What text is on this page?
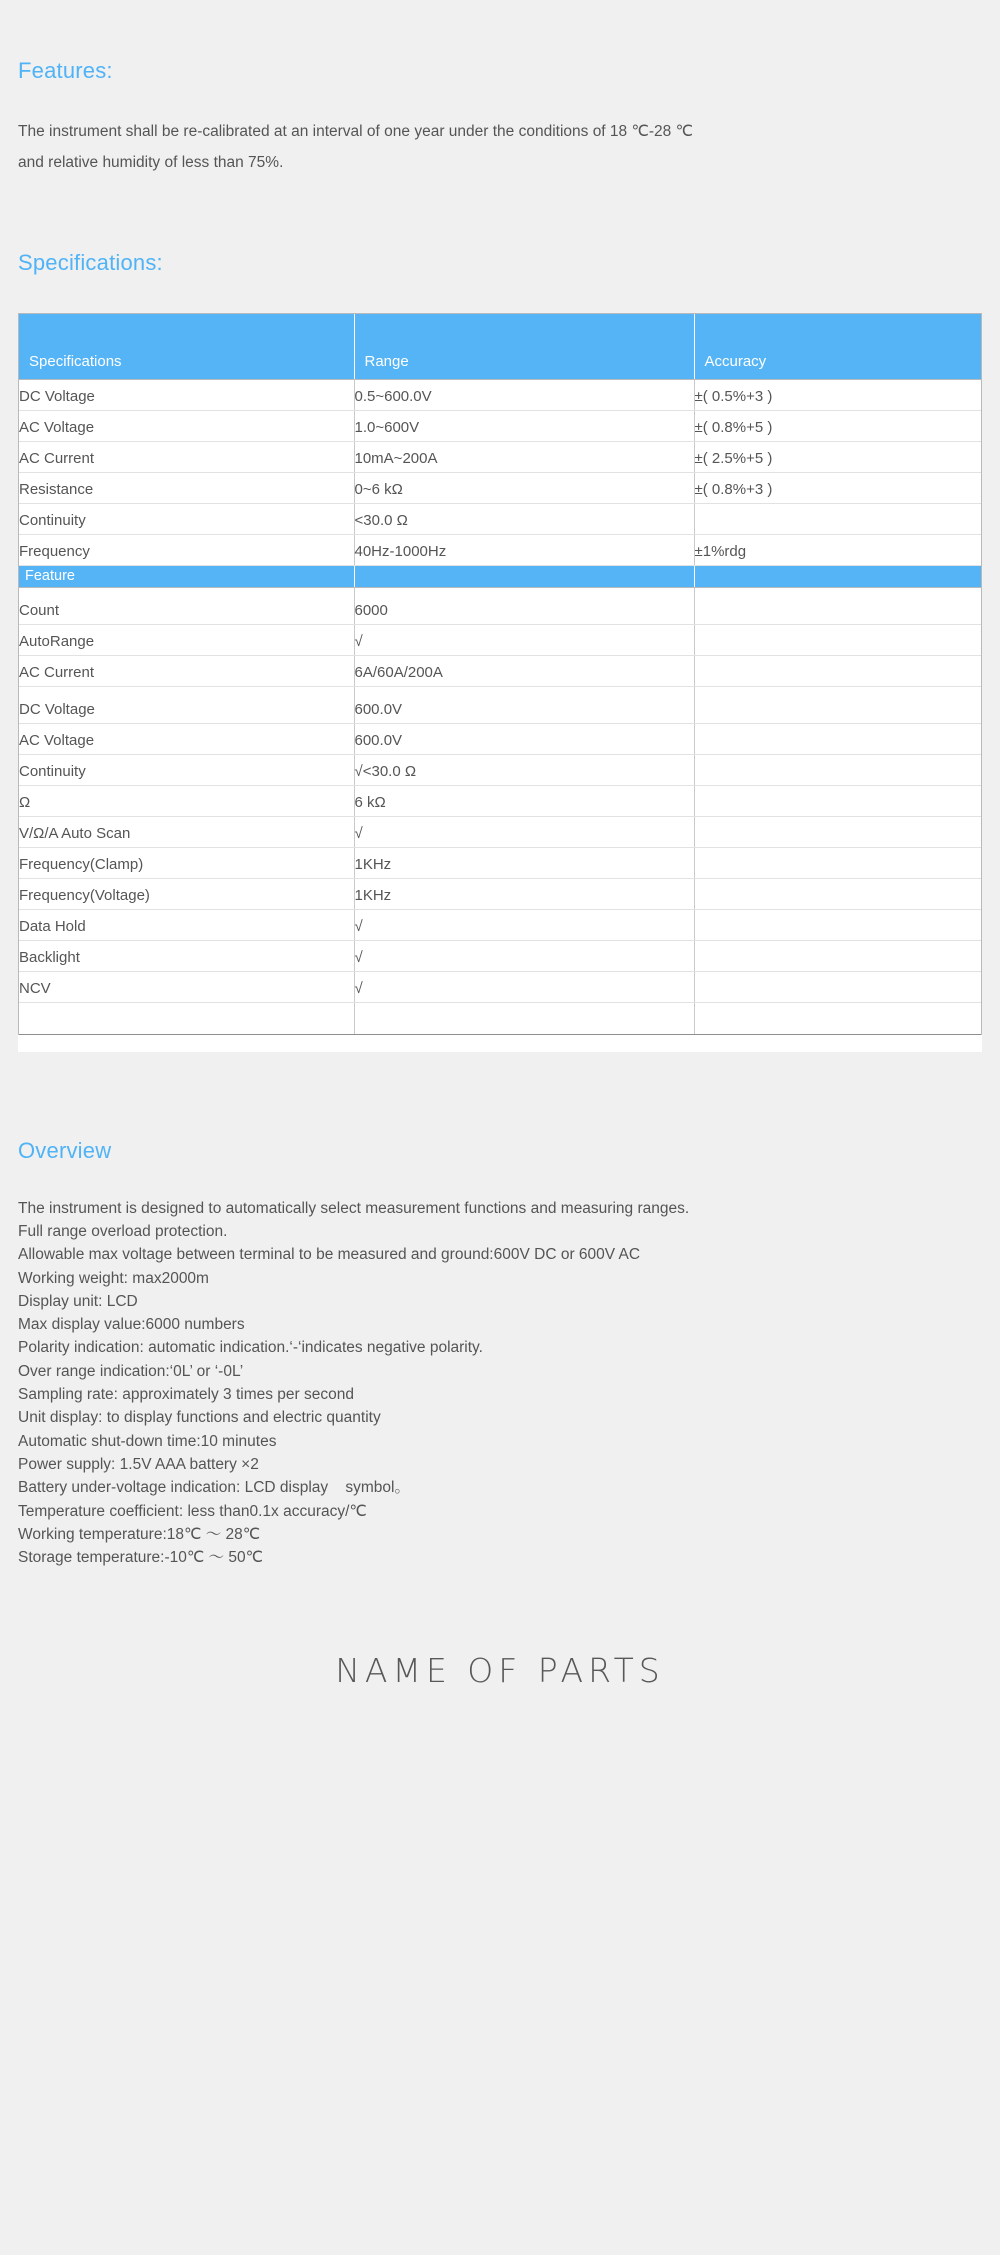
Features:
The instrument shall be re-calibrated at an interval of one year under the conditions of 18 ℃-28 ℃
and relative humidity of less than 75%.
Specifications:
Specifications	Range	Accuracy
DC Voltage	0.5~600.0V	±( 0.5%+3 )
AC Voltage	1.0~600V	±( 0.8%+5 )
AC Current	10mA~200A	±( 2.5%+5 )
Resistance	0~6 kΩ	±( 0.8%+3 )
Continuity	<30.0 Ω	
Frequency	40Hz-1000Hz	±1%rdg
Feature		
Count	6000	
AutoRange	√	
AC Current	6A/60A/200A	
DC Voltage	600.0V	
AC Voltage	600.0V	
Continuity	√<30.0 Ω	
Ω	6 kΩ	
V/Ω/A Auto Scan	√	
Frequency(Clamp)	1KHz	
Frequency(Voltage)	1KHz	
Data Hold	√	
Backlight	√	
NCV	√	

Overview
The instrument is designed to automatically select measurement functions and measuring ranges.
Full range overload protection.
Allowable max voltage between terminal to be measured and ground:600V DC or 600V AC
Working weight: max2000m
Display unit: LCD
Max display value:6000 numbers
Polarity indication: automatic indication.‘-‘indicates negative polarity.
Over range indication:‘0L’ or ‘-0L’
Sampling rate: approximately 3 times per second
Unit display: to display functions and electric quantity
Automatic shut-down time:10 minutes
Power supply: 1.5V AAA battery ×2
Battery under-voltage indication: LCD display    symbol。
Temperature coefficient: less than0.1x accuracy/℃
Working temperature:18℃ ～ 28℃
Storage temperature:-10℃ ～ 50℃
NAME OF PARTS
